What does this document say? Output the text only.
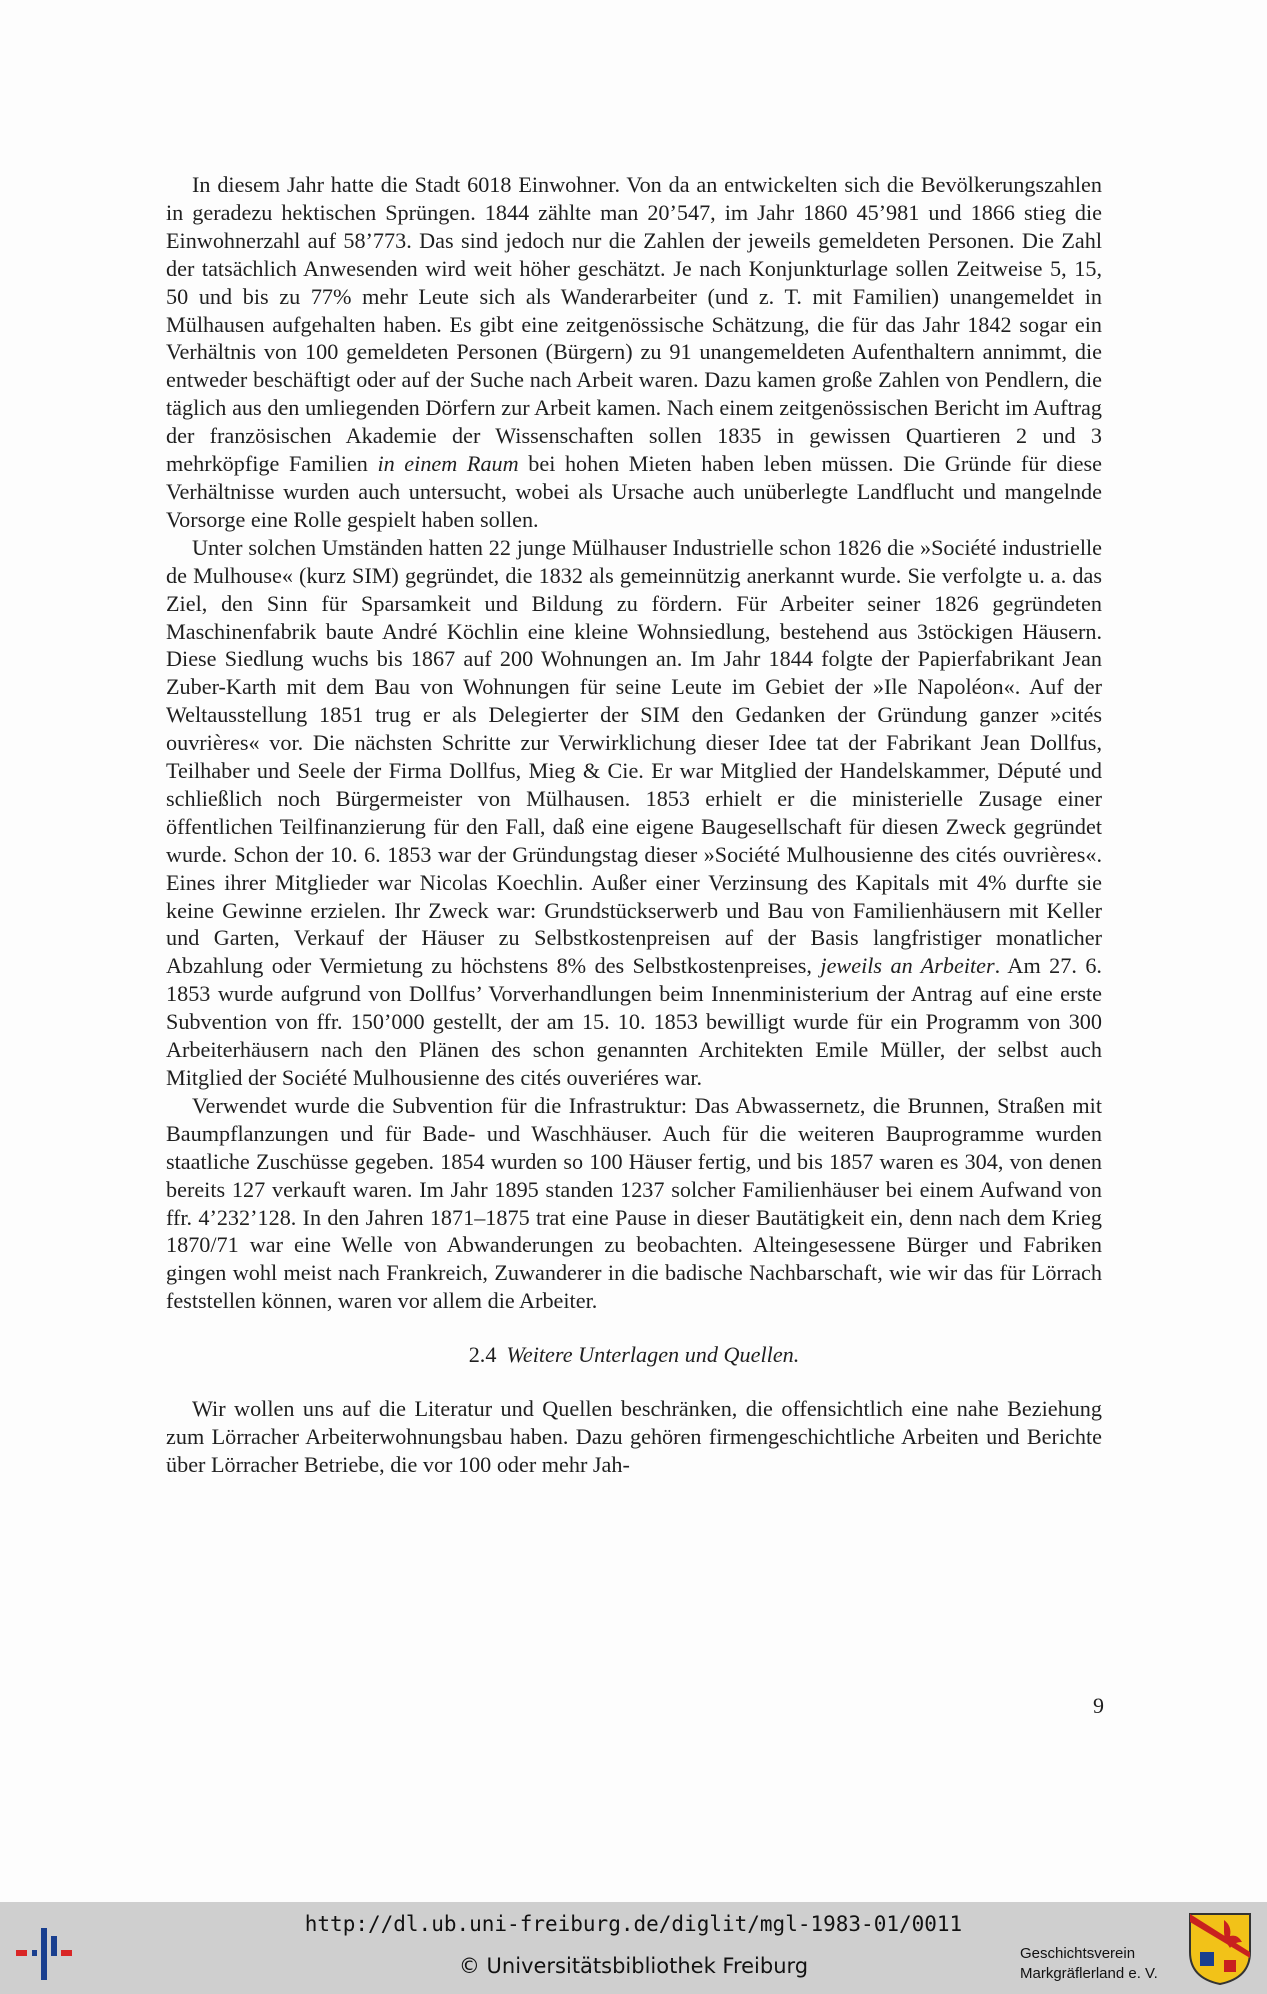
In diesem Jahr hatte die Stadt 6018 Einwohner. Von da an entwickelten sich die Bevölkerungszahlen in geradezu hektischen Sprüngen. 1844 zählte man 20’547, im Jahr 1860 45’981 und 1866 stieg die Einwohnerzahl auf 58’773. Das sind jedoch nur die Zahlen der jeweils gemeldeten Personen. Die Zahl der tatsächlich Anwesenden wird weit höher geschätzt. Je nach Konjunkturlage sollen Zeitweise 5, 15, 50 und bis zu 77% mehr Leute sich als Wanderarbeiter (und z. T. mit Familien) unangemeldet in Mülhausen aufgehalten haben. Es gibt eine zeitgenössische Schätzung, die für das Jahr 1842 sogar ein Verhältnis von 100 gemeldeten Personen (Bürgern) zu 91 unangemeldeten Aufenthaltern annimmt, die entweder beschäftigt oder auf der Suche nach Arbeit waren. Dazu kamen große Zahlen von Pendlern, die täglich aus den umliegenden Dörfern zur Arbeit kamen. Nach einem zeitgenössischen Bericht im Auftrag der französischen Akademie der Wissenschaften sollen 1835 in gewissen Quartieren 2 und 3 mehrköpfige Familien in einem Raum bei hohen Mieten haben leben müssen. Die Gründe für diese Verhältnisse wurden auch untersucht, wobei als Ursache auch unüberlegte Landflucht und mangelnde Vorsorge eine Rolle gespielt haben sollen.

Unter solchen Umständen hatten 22 junge Mülhauser Industrielle schon 1826 die »Société industrielle de Mulhouse« (kurz SIM) gegründet, die 1832 als gemeinnützig anerkannt wurde. Sie verfolgte u. a. das Ziel, den Sinn für Sparsamkeit und Bildung zu fördern. Für Arbeiter seiner 1826 gegründeten Maschinenfabrik baute André Köchlin eine kleine Wohnsiedlung, bestehend aus 3stöckigen Häusern. Diese Siedlung wuchs bis 1867 auf 200 Wohnungen an. Im Jahr 1844 folgte der Papierfabrikant Jean Zuber-Karth mit dem Bau von Wohnungen für seine Leute im Gebiet der »Ile Napoléon«. Auf der Weltausstellung 1851 trug er als Delegierter der SIM den Gedanken der Gründung ganzer »cités ouvrières« vor. Die nächsten Schritte zur Verwirklichung dieser Idee tat der Fabrikant Jean Dollfus, Teilhaber und Seele der Firma Dollfus, Mieg & Cie. Er war Mitglied der Handelskammer, Député und schließlich noch Bürgermeister von Mülhausen. 1853 erhielt er die ministerielle Zusage einer öffentlichen Teilfinanzierung für den Fall, daß eine eigene Baugesellschaft für diesen Zweck gegründet wurde. Schon der 10. 6. 1853 war der Gründungstag dieser »Société Mulhousienne des cités ouvrières«. Eines ihrer Mitglieder war Nicolas Koechlin. Außer einer Verzinsung des Kapitals mit 4% durfte sie keine Gewinne erzielen. Ihr Zweck war: Grundstückserwerb und Bau von Familienhäusern mit Keller und Garten, Verkauf der Häuser zu Selbstkostenpreisen auf der Basis langfristiger monatlicher Abzahlung oder Vermietung zu höchstens 8% des Selbstkostenpreises, jeweils an Arbeiter. Am 27. 6. 1853 wurde aufgrund von Dollfus’ Vorverhandlungen beim Innenministerium der Antrag auf eine erste Subvention von ffr. 150’000 gestellt, der am 15. 10. 1853 bewilligt wurde für ein Programm von 300 Arbeiterhäusern nach den Plänen des schon genannten Architekten Emile Müller, der selbst auch Mitglied der Société Mulhousienne des cités ouveriéres war.

Verwendet wurde die Subvention für die Infrastruktur: Das Abwassernetz, die Brunnen, Straßen mit Baumpflanzungen und für Bade- und Waschhäuser. Auch für die weiteren Bauprogramme wurden staatliche Zuschüsse gegeben. 1854 wurden so 100 Häuser fertig, und bis 1857 waren es 304, von denen bereits 127 verkauft waren. Im Jahr 1895 standen 1237 solcher Familienhäuser bei einem Aufwand von ffr. 4’232’128. In den Jahren 1871–1875 trat eine Pause in dieser Bautätigkeit ein, denn nach dem Krieg 1870/71 war eine Welle von Abwanderungen zu beobachten. Alteingesessene Bürger und Fabriken gingen wohl meist nach Frankreich, Zuwanderer in die badische Nachbarschaft, wie wir das für Lörrach feststellen können, waren vor allem die Arbeiter.

2.4 Weitere Unterlagen und Quellen.

Wir wollen uns auf die Literatur und Quellen beschränken, die offensichtlich eine nahe Beziehung zum Lörracher Arbeiterwohnungsbau haben. Dazu gehören firmengeschichtliche Arbeiten und Berichte über Lörracher Betriebe, die vor 100 oder mehr Jah-

9
http://dl.ub.uni-freiburg.de/diglit/mgl-1983-01/0011
© Universitätsbibliothek Freiburg
Geschichtsverein
Markgräflerland e. V.
